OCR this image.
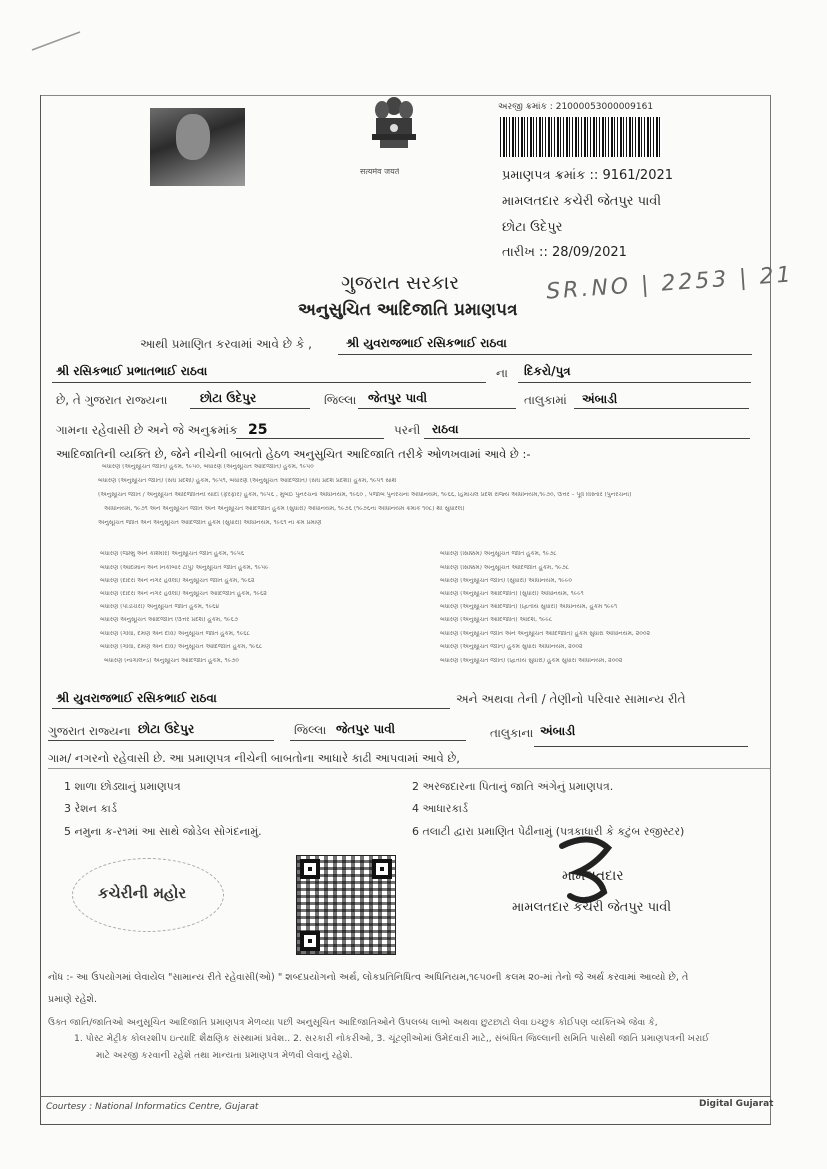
सत्यमेव जयते
અરજી ક્રમાંક : 21000053000009161
પ્રમાણપત્ર ક્રમાંક :: 9161/2021
મામલતદાર કચેરી જેતપુર પાવી
છોટા ઉદેપુર
તારીખ :: 28/09/2021
SR.NO | 2253 | 21
ગુજરાત સરકાર
અનુસુચિત આદિજાતિ પ્રમાણપત્ર
આથી પ્રમાણિત કરવામાં આવે છે કે ,	શ્રી યુવરાજભાઈ રસિકભાઈ રાઠવા
શ્રી રસિકભાઈ પ્રભાતભાઈ રાઠવા	ના દિકરો/પુત્ર
છે, તે ગુજરાત રાજ્યના	છોટા ઉદેપુર	જિલ્લા જેતપુર પાવી	તાલુકામાં અંબાડી
ગામના રહેવાસી છે અને જે અનુક્રમાંક 25	પરની રાઠવા
આદિજાતિની વ્યક્તિ છે, જેને નીચેની બાબતો હેઠળ અનુસુચિત આદિજાતિ તરીકે ઓળખવામાં આવે છે :-
બંધારણ (અનુસૂચિત જાતિ) હુકમ, ૧૯૫૦, બંધારણ (અનુસૂચિત આદિજાતિ) હુકમ, ૧૯૫૦
બંધારણ (અનુસૂચિત જાતિ) (સંઘ પ્રદેશો) હુકમ, ૧૯૫૧, બંધારણ (અનુસૂચિત આદિજાતિ) (સંઘ પ્રદેશ પ્રદેશો) હુકમ, ૧૯૫૧ સાથે
(અનુસૂચિત જાતિ / અનુસૂચિત આદિજાતિની યાદી (ફેરફાર) હુકમ, ૧૯૫૬ , મુંબઈ પુનર્રચના અધિનિયમ, ૧૯૬૦ , પંજાબ પુનર્રચના અધિનિયમ, ૧૯૬૬, હિમાચલ પ્રદેશ રાજ્ય અધિનિયમ,૧૯૭૦, ઉત્તર – પૂર્વ વિસ્તાર (પુનર્રચના)
અધિનિયમ, ૧૯૭૧ અને અનુસૂચિત જાતિ અને અનુસૂચિત આદિજાતિ હુકમ (સુધારો) અધિનિયમ, ૧૯૭૬ (૧૯૭૬ના અધિનિયમ ક્રમાંક ૧૦૮) થી સુધારેલ)
અનુસૂચિત જાતિ અને અનુસૂચિત આદિજાતિ હુકમ (સુધારો) અધિનિયમ, ૧૯૬૧ ના ક્રમ પ્રમાણે
બંધારણ (જમ્મુ અને કાશ્મીર) અનુસૂચિત જાતિ હુકમ, ૧૯૫૬
બંધારણ (આંદામાન અને નિકોબાર ટાપુ) અનુસૂચિત જાતિ હુકમ, ૧૯૫૯
બંધારણ (દાદરા અને નગર હવેલી) અનુસૂચિત જાતિ હુકમ, ૧૯૬૨
બંધારણ (દાદરા અને નગર હવેલી) અનુસૂચિત આદિજાતિ હુકમ, ૧૯૬૨
બંધારણ (પોંડીચેરી) અનુસૂચિત જાતિ હુકમ, ૧૯૬૪
બંધારણ અનુસૂચિત આદિજાતિ (ઉત્તર પ્રદેશ) હુકમ, ૧૯૬૭
બંધારણ (ગોવા, દમણ અને દીવ) અનુસૂચિત જાતિ હુકમ, ૧૯૬૮
બંધારણ (ગોવા, દમણ અને દીવ) અનુસૂચિત આદિજાતિ હુકમ, ૧૯૬૮
બંધારણ (નાગાલેન્ડ) અનુસૂચિત આદિજાતિ હુકમ, ૧૯૭૦
બંધારણ (સિક્કિમ) અનુસૂચિત જાતિ હુકમ, ૧૯૭૮
બંધારણ (સિક્કિમ) અનુસૂચિત આદિજાતિ હુકમ, ૧૯૭૮
બંધારણ (અનુસૂચિત જાતિ) (સુધારો) અધિનિયમ, ૧૯૯૦
બંધારણ (અનુસૂચિત આદિજાતિ) (સુધારો) અધિનિયમ, ૧૯૯૧
બંધારણ (અનુસૂચિત આદિજાતિ) (દ્વિતીય સુધારો) અધિનિયમ, હુકમ ૧૯૯૧
બંધારણ (અનુસૂચિત આદિજાતિ) આદેશ, ૧૯૯૮
બંધારણ (અનુસૂચિત જાતિ અને અનુસૂચિત આદિજાતિ) હુકમ સુધારા અધિનિયમ, ૨૦૦૨
બંધારણ (અનુસૂચિત જાતિ) હુકમ સુધારા અધિનિયમ, ૨૦૦૨
બંધારણ (અનુસૂચિત જાતિ) (દ્વિતીય સુધારો) હુકમ સુધારા અધિનિયમ, ૨૦૦૨
શ્રી યુવરાજભાઈ રસિકભાઈ રાઠવા	અને અથવા તેની / તેણીનો પરિવાર સામાન્ય રીતે
ગુજરાત રાજ્યના છોટા ઉદેપુર	જિલ્લા જેતપુર પાવી	તાલુકાના અંબાડી
ગામ/ નગરનો રહેવાસી છે. આ પ્રમાણપત્ર નીચેની બાબતોના આધારે કાઢી આપવામાં આવે છે,
1 શાળા છોડ્યાનું પ્રમાણપત્ર	2 અરજદારના પિતાનું જાતિ અંગેનું પ્રમાણપત્ર.
3 રેશન કાર્ડ	4 આધારકાર્ડ
5 નમુના ક-ર૧માં આ સાથે જોડેલ સોગંદનામું.	6 તલાટી દ્વારા પ્રમાણિત પેઢીનામું (પત્રકાધારી કે કટુંબ રજીસ્ટર)
કચેરીની મહોર
મામલતદાર
મામલતદાર કચેરી જેતપુર પાવી
નોંધ :- આ ઉપયોગમાં લેવાયેલ "સામાન્ય રીતે રહેવાસી(ઓ) " શબ્દપ્રયોગનો અર્થ, લોકપ્રતિનિધિત્વ અધિનિયમ,૧૯૫૦ની કલમ ૨૦-માં તેનો જે અર્થ કરવામાં આવ્યો છે, તે
પ્રમાણે રહેશે.
ઉક્ત જાતિ/જાતિઓ અનુસૂચિત આદિજાતિ પ્રમાણપત્ર મેળવ્યા પછી અનુસૂચિત આદિજાતિઓને ઉપલબ્ધ લાભો અથવા છુટછાટો લેવા ઇચ્છુક કોઈપણ વ્યક્તિએ જેવા કે,
1. પોસ્ટ મેટ્રીક કોલરશીપ ઇત્યાદિ શૈક્ષણિક સંસ્થામાં પ્રવેશ.. 2. સરકારી નોકરીઓ, 3. ચૂંટણીઓમાં ઉમેદવારી માટે,, સંબંધિત જિલ્લાની સમિતિ પાસેથી જાતિ પ્રમાણપત્રની ખરાઈ
માટે અરજી કરવાની રહેશે તથા માન્યતા પ્રમાણપત્ર મેળવી લેવાનું રહેશે.
Courtesy : National Informatics Centre, Gujarat	Digital Gujarat
